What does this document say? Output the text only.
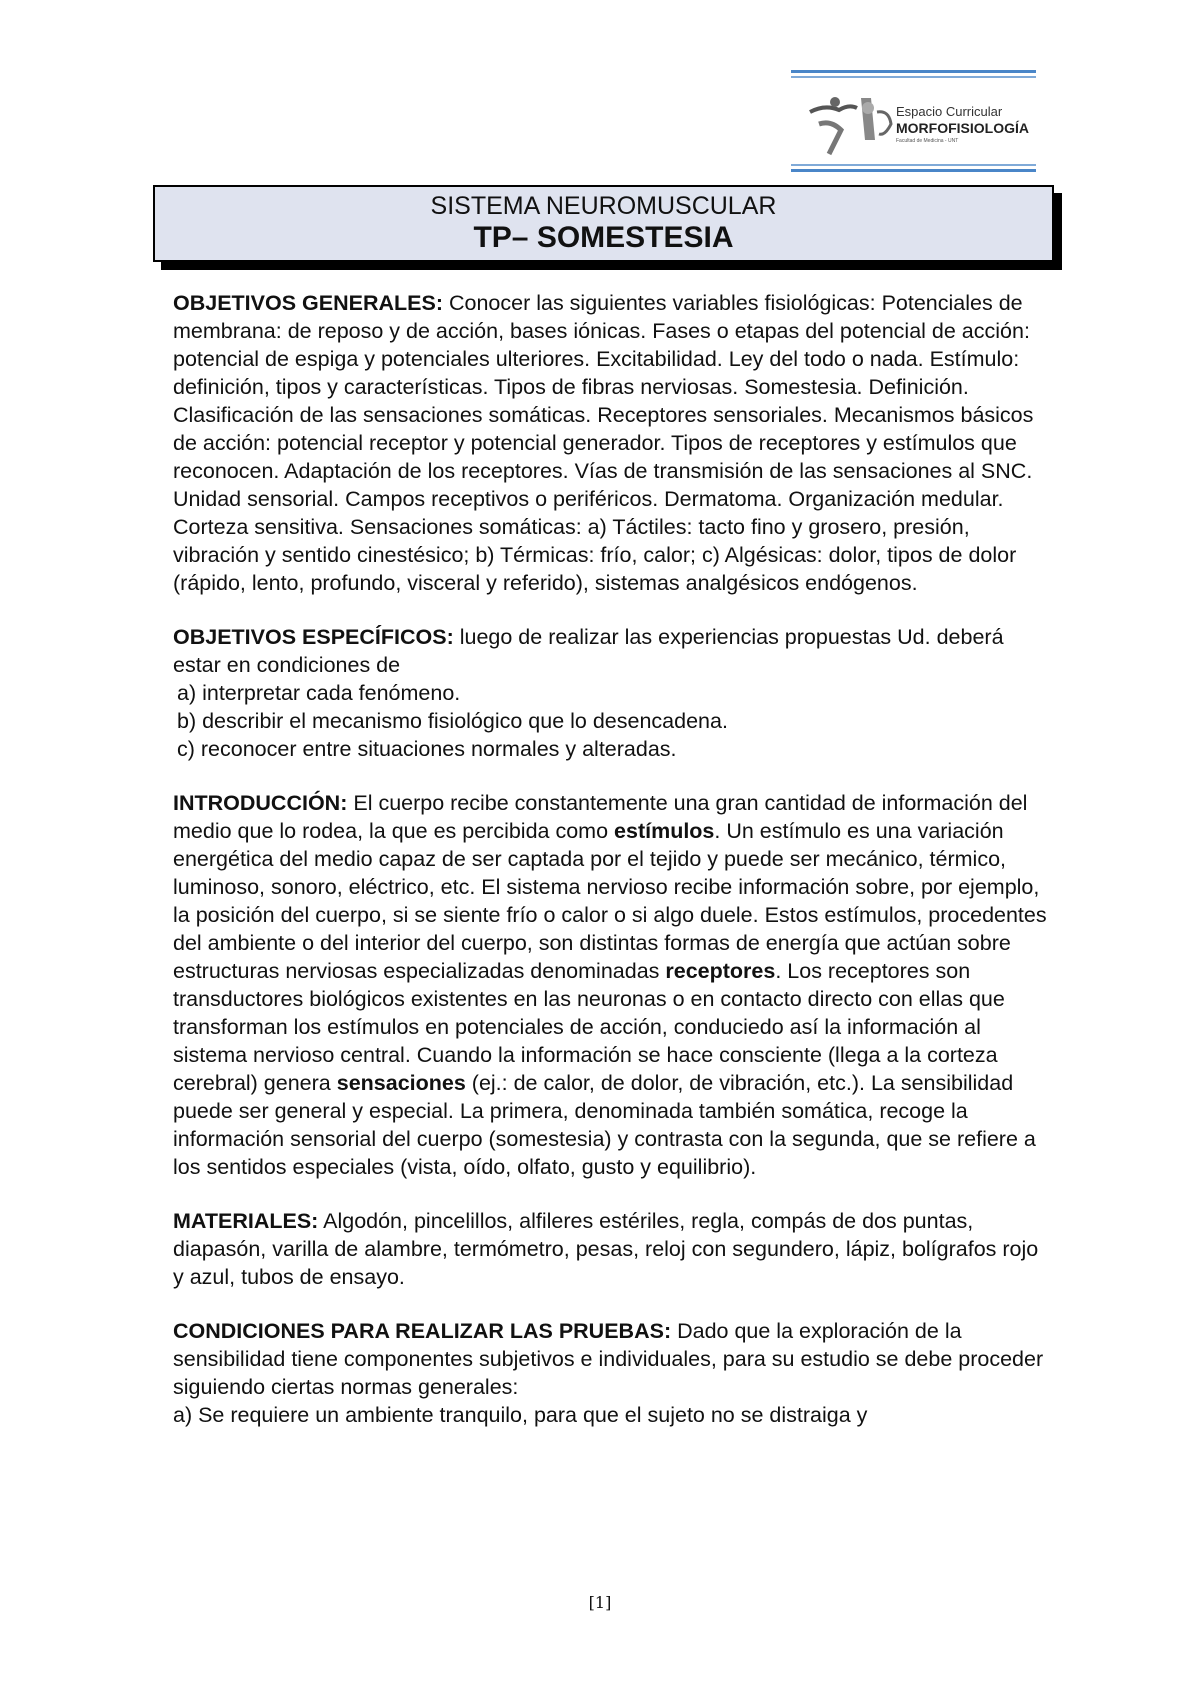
Espacio Curricular
MORFOFISIOLOGÍA
Facultad de Medicina - UNT
SISTEMA NEUROMUSCULAR
TP– SOMESTESIA

OBJETIVOS GENERALES: Conocer las siguientes variables fisiológicas: Potenciales de membrana: de reposo y de acción, bases iónicas. Fases o etapas del potencial de acción: potencial de espiga y potenciales ulteriores. Excitabilidad. Ley del todo o nada. Estímulo: definición, tipos y características. Tipos de fibras nerviosas. Somestesia. Definición. Clasificación de las sensaciones somáticas. Receptores sensoriales. Mecanismos básicos de acción: potencial receptor y potencial generador. Tipos de receptores y estímulos que reconocen. Adaptación de los receptores. Vías de transmisión de las sensaciones al SNC. Unidad sensorial. Campos receptivos o periféricos. Dermatoma. Organización medular. Corteza sensitiva. Sensaciones somáticas: a) Táctiles: tacto fino y grosero, presión, vibración y sentido cinestésico; b) Térmicas: frío, calor; c) Algésicas: dolor, tipos de dolor (rápido, lento, profundo, visceral y referido), sistemas analgésicos endógenos.

OBJETIVOS ESPECÍFICOS: luego de realizar las experiencias propuestas Ud. deberá estar en condiciones de

a) interpretar cada fenómeno.
b) describir el mecanismo fisiológico que lo desencadena.
c) reconocer entre situaciones normales y alteradas.

INTRODUCCIÓN: El cuerpo recibe constantemente una gran cantidad de información del medio que lo rodea, la que es percibida como estímulos. Un estímulo es una variación energética del medio capaz de ser captada por el tejido y puede ser mecánico, térmico, luminoso, sonoro, eléctrico, etc. El sistema nervioso recibe información sobre, por ejemplo, la posición del cuerpo, si se siente frío o calor o si algo duele. Estos estímulos, procedentes del ambiente o del interior del cuerpo, son distintas formas de energía que actúan sobre estructuras nerviosas especializadas denominadas receptores. Los receptores son transductores biológicos existentes en las neuronas o en contacto directo con ellas que transforman los estímulos en potenciales de acción, conduciedo así la información al sistema nervioso central. Cuando la información se hace consciente (llega a la corteza cerebral) genera sensaciones (ej.: de calor, de dolor, de vibración, etc.). La sensibilidad puede ser general y especial. La primera, denominada también somática, recoge la información sensorial del cuerpo (somestesia) y contrasta con la segunda, que se refiere a los sentidos especiales (vista, oído, olfato, gusto y equilibrio).

MATERIALES: Algodón, pincelillos, alfileres estériles, regla, compás de dos puntas, diapasón, varilla de alambre, termómetro, pesas, reloj con segundero, lápiz, bolígrafos rojo y azul, tubos de ensayo.

CONDICIONES PARA REALIZAR LAS PRUEBAS: Dado que la exploración de la sensibilidad tiene componentes subjetivos e individuales, para su estudio se debe proceder siguiendo ciertas normas generales:

a) Se requiere un ambiente tranquilo, para que el sujeto no se distraiga y
[1]
